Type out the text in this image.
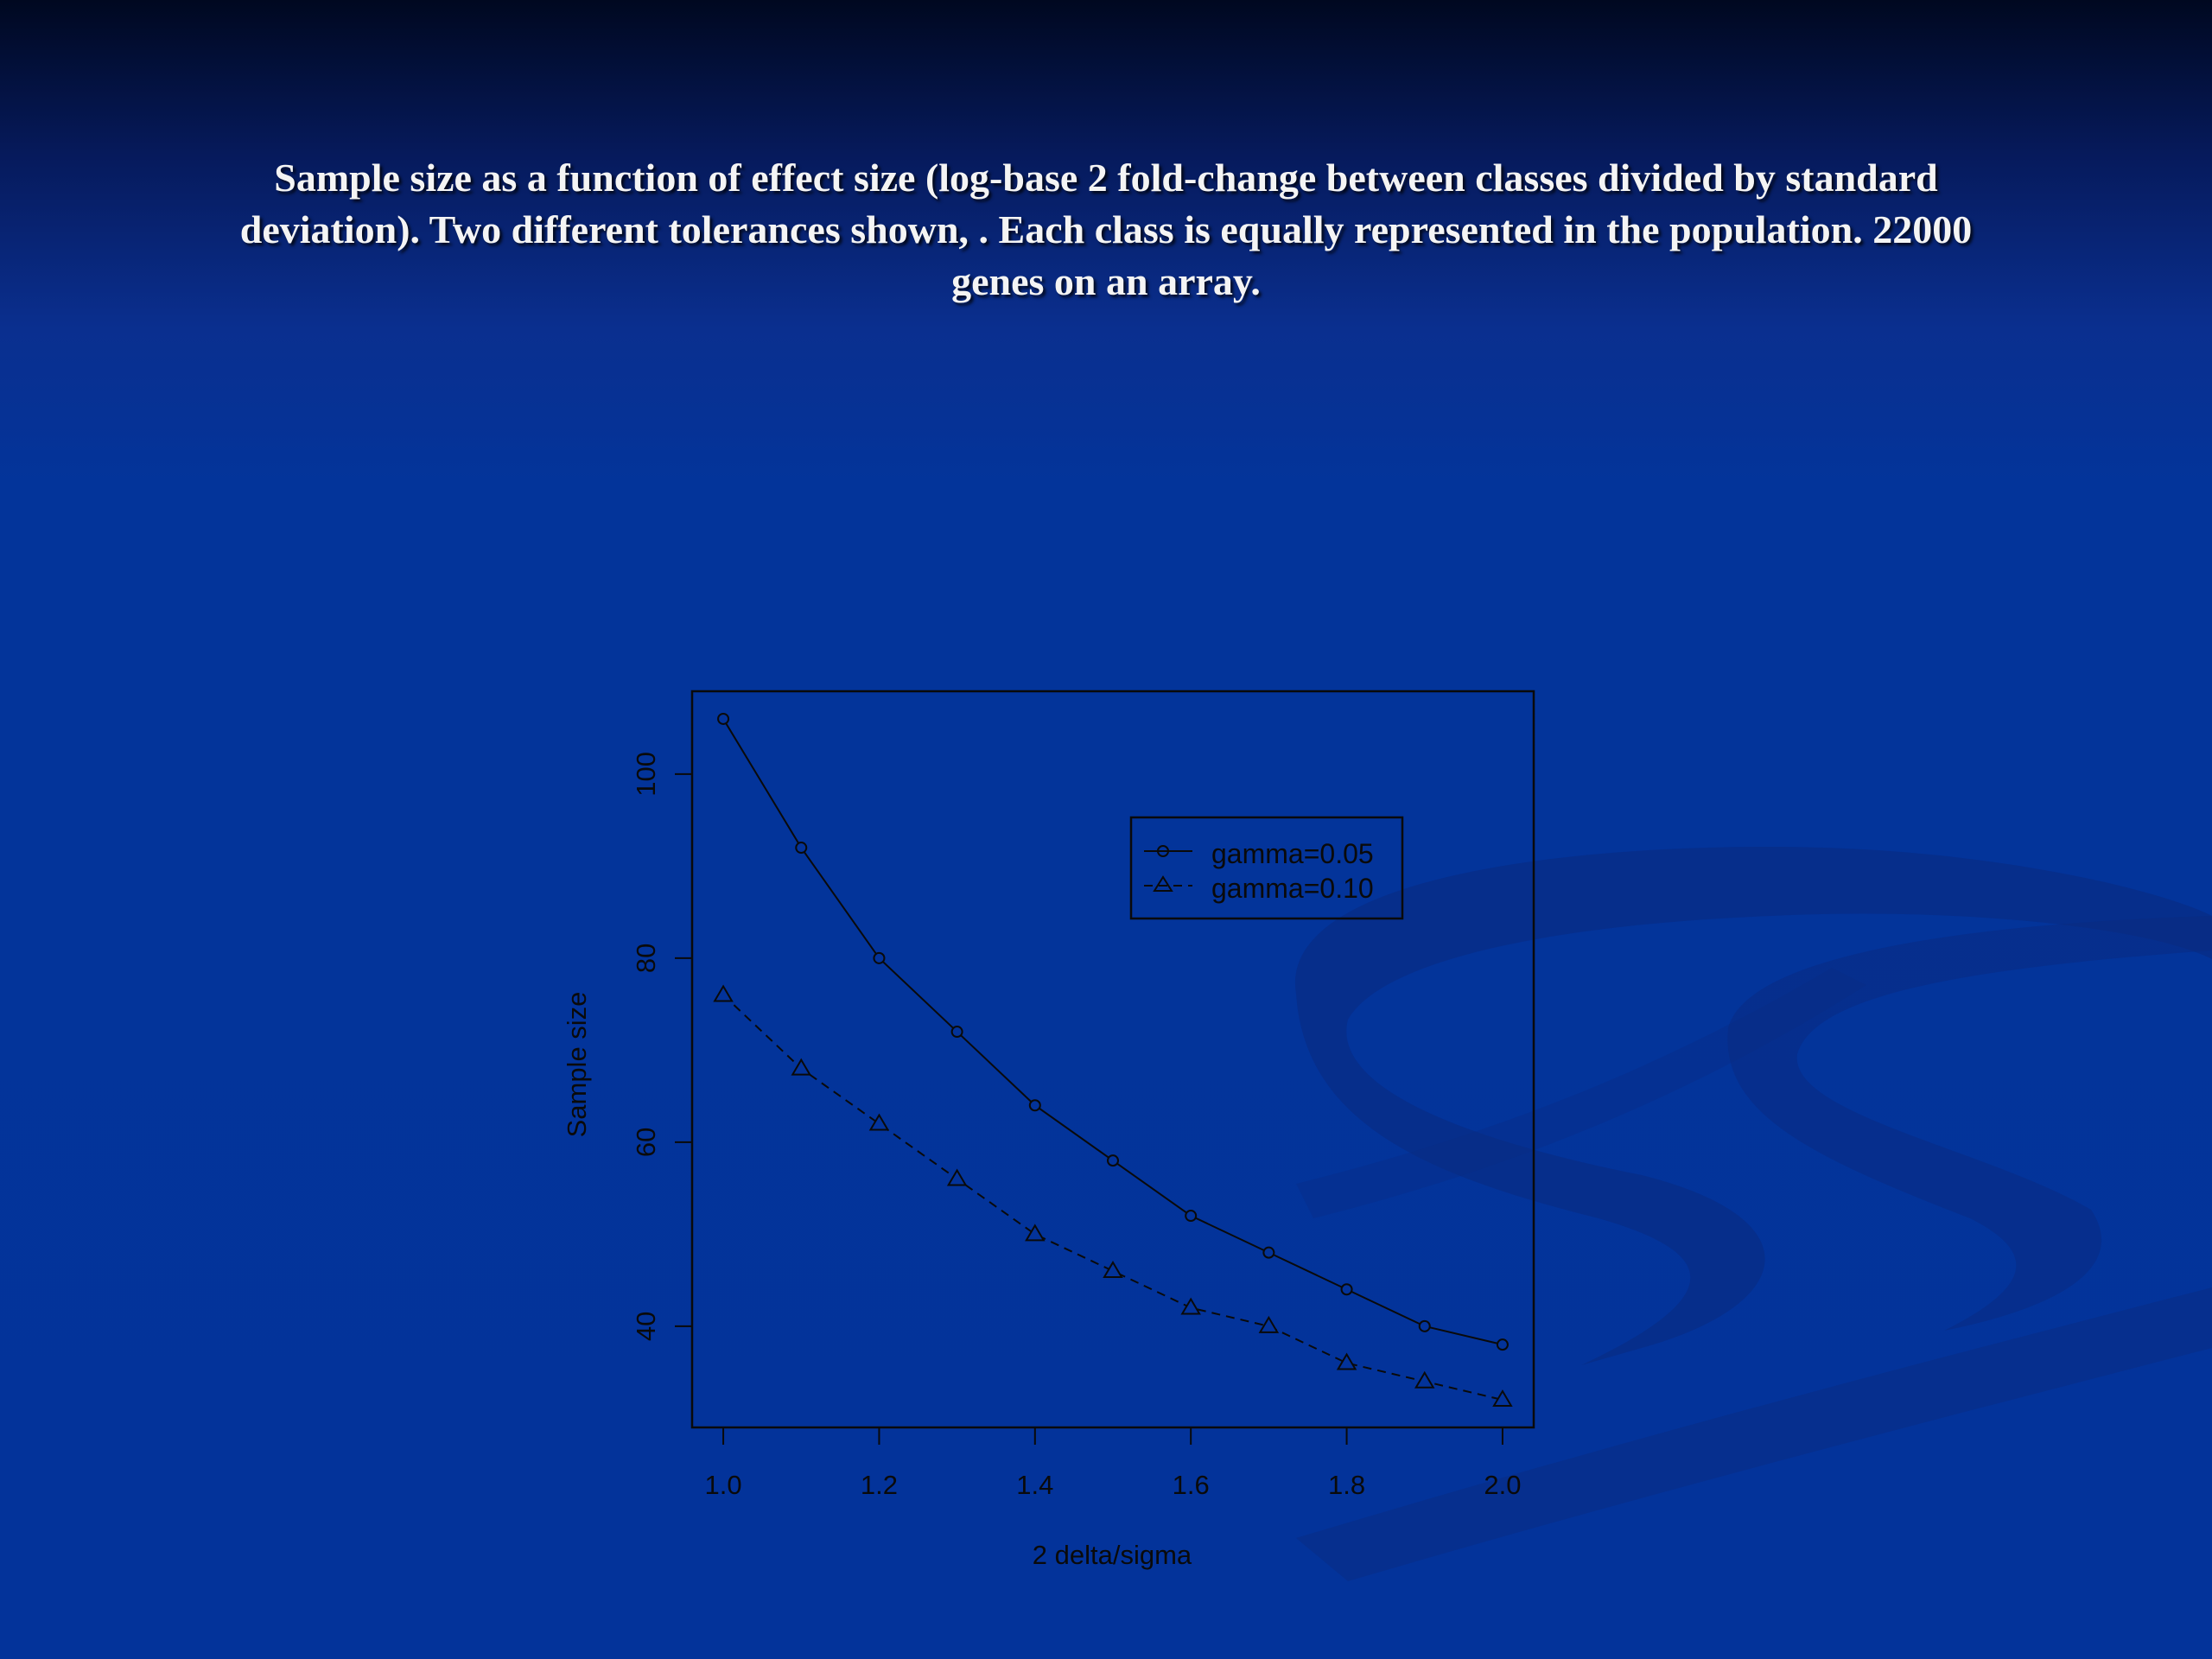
Sample size as a function of effect size (log-base 2 fold-change between classes divided by standard
deviation). Two different tolerances shown, . Each class is equally represented in the population. 22000
genes on an array.
1.0	1.2	1.4	1.6	1.8	2.0
40
60
80
100
2 delta/sigma
Sample size
gamma=0.05
gamma=0.10
